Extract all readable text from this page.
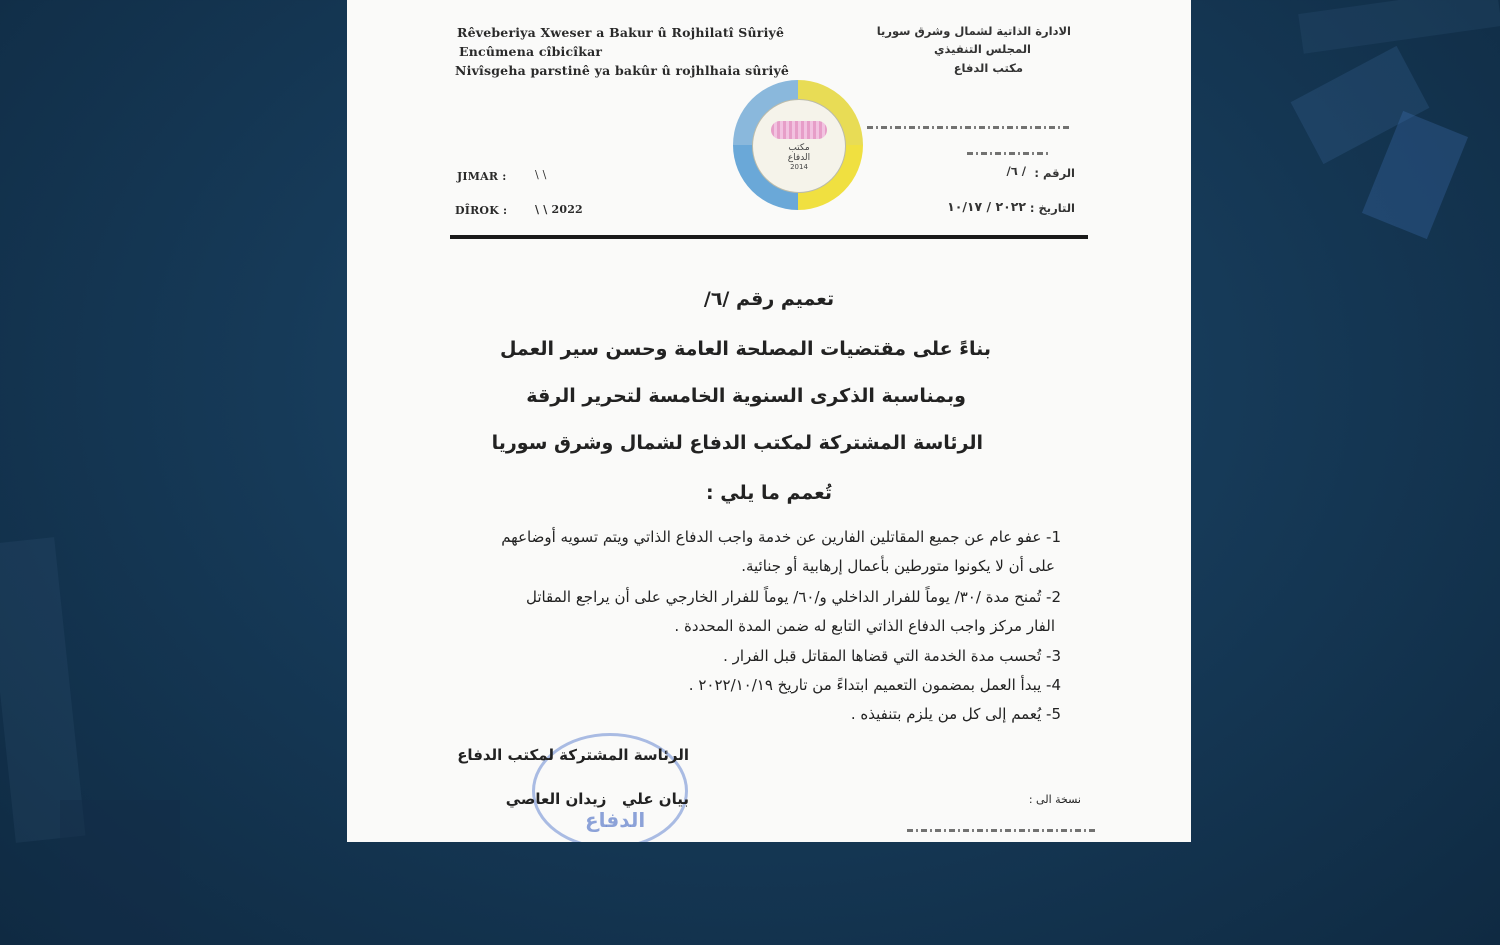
Rêveberiya Xweser a Bakur û Rojhilatî Sûriyê
Encûmena cîbicîkar
Nivîsgeha parstinê ya bakûr û rojhlhaia sûriyê
الادارة الذاتية لشمال وشرق سوريا
المجلس التنفيذي
مكتب الدفاع
مكتب
الدفاع
2014
JIMAR :	\ \
DÎROK :	\ \ 2022
الرقم :
/ ٦/
التاريخ :
٢٠٢٢ / ١٠/١٧
تعميم رقم /٦/
بناءً على مقتضيات المصلحة العامة وحسن سير العمل
وبمناسبة الذكرى السنوية الخامسة لتحرير الرقة
الرئاسة المشتركة لمكتب الدفاع لشمال وشرق سوريا
تُعمم ما يلي :
1- عفو عام عن جميع المقاتلين الفارين عن خدمة واجب الدفاع الذاتي ويتم تسويه أوضاعهم
على أن لا يكونوا متورطين بأعمال إرهابية أو جنائية.
2- تُمنح مدة /٣٠/ يوماً للفرار الداخلي و/٦٠/ يوماً للفرار الخارجي على أن يراجع المقاتل
الفار مركز واجب الدفاع الذاتي التابع له ضمن المدة المحددة .
3- تُحسب مدة الخدمة التي قضاها المقاتل قبل الفرار .
4- يبدأ العمل بمضمون التعميم ابتداءً من تاريخ ٢٠٢٢/١٠/١٩ .
5- يُعمم إلى كل من يلزم بتنفيذه .
الدفاع
الرئاسة المشتركة لمكتب الدفاع
بيان علي   زيدان العاصي	نسخة الى :
